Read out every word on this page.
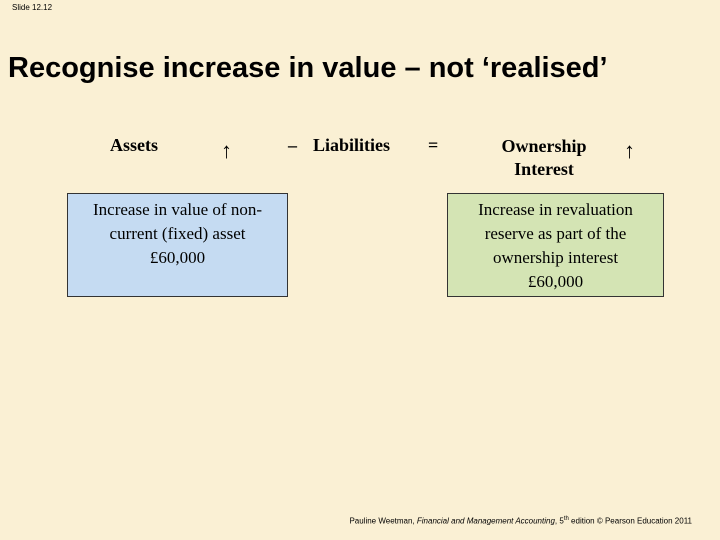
Slide 12.12
Recognise increase in value – not ‘realised’
Assets	↑	– Liabilities =	Ownership
Interest
↑
Increase in value of non-
current (fixed) asset
£60,000
Increase in revaluation
reserve as part of the
ownership interest
£60,000
Pauline Weetman, Financial and Management Accounting, 5th edition © Pearson Education 2011
